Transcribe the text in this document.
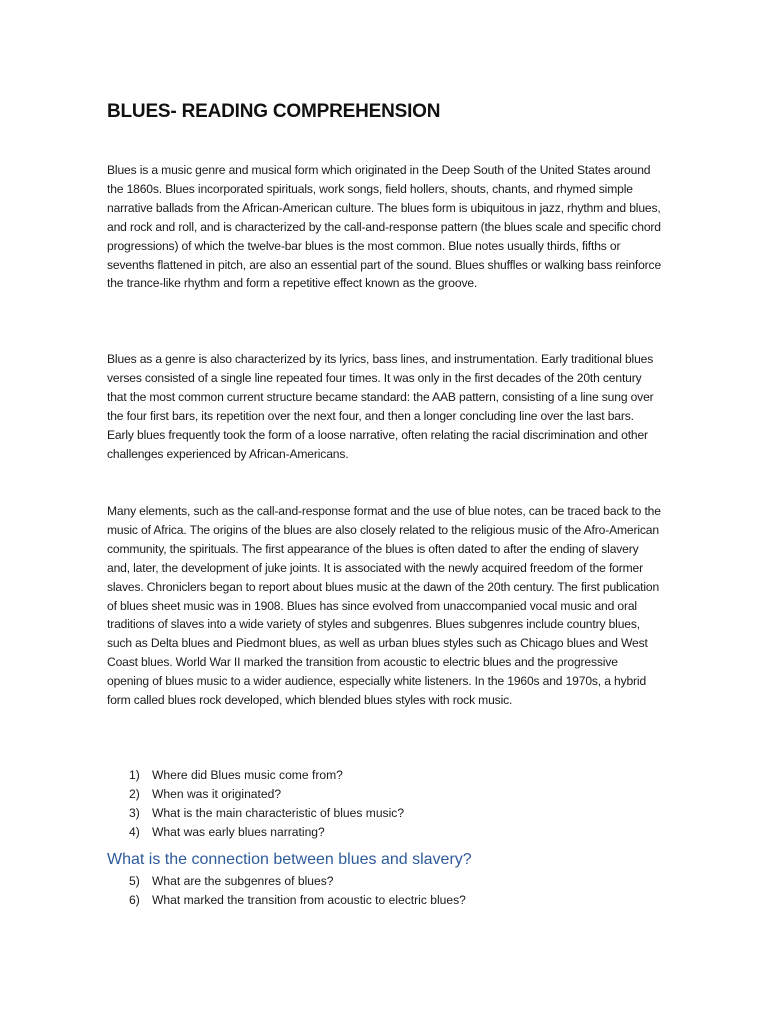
BLUES- READING COMPREHENSION

Blues is a music genre and musical form which originated in the Deep South of the United States around the 1860s. Blues incorporated spirituals, work songs, field hollers, shouts, chants, and rhymed simple narrative ballads from the African-American culture. The blues form is ubiquitous in jazz, rhythm and blues, and rock and roll, and is characterized by the call-and-response pattern (the blues scale and specific chord progressions) of which the twelve-bar blues is the most common. Blue notes usually thirds, fifths or sevenths flattened in pitch, are also an essential part of the sound. Blues shuffles or walking bass reinforce the trance-like rhythm and form a repetitive effect known as the groove.

Blues as a genre is also characterized by its lyrics, bass lines, and instrumentation. Early traditional blues verses consisted of a single line repeated four times. It was only in the first decades of the 20th century that the most common current structure became standard: the AAB pattern, consisting of a line sung over the four first bars, its repetition over the next four, and then a longer concluding line over the last bars. Early blues frequently took the form of a loose narrative, often relating the racial discrimination and other challenges experienced by African-Americans.

Many elements, such as the call-and-response format and the use of blue notes, can be traced back to the music of Africa. The origins of the blues are also closely related to the religious music of the Afro-American community, the spirituals. The first appearance of the blues is often dated to after the ending of slavery and, later, the development of juke joints. It is associated with the newly acquired freedom of the former slaves. Chroniclers began to report about blues music at the dawn of the 20th century. The first publication of blues sheet music was in 1908. Blues has since evolved from unaccompanied vocal music and oral traditions of slaves into a wide variety of styles and subgenres. Blues subgenres include country blues, such as Delta blues and Piedmont blues, as well as urban blues styles such as Chicago blues and West Coast blues. World War II marked the transition from acoustic to electric blues and the progressive opening of blues music to a wider audience, especially white listeners. In the 1960s and 1970s, a hybrid form called blues rock developed, which blended blues styles with rock music.

1) Where did Blues music come from?
2) When was it originated?
3) What is the main characteristic of blues music?
4) What was early blues narrating?
What is the connection between blues and slavery?
5) What are the subgenres of blues?
6) What marked the transition from acoustic to electric blues?
